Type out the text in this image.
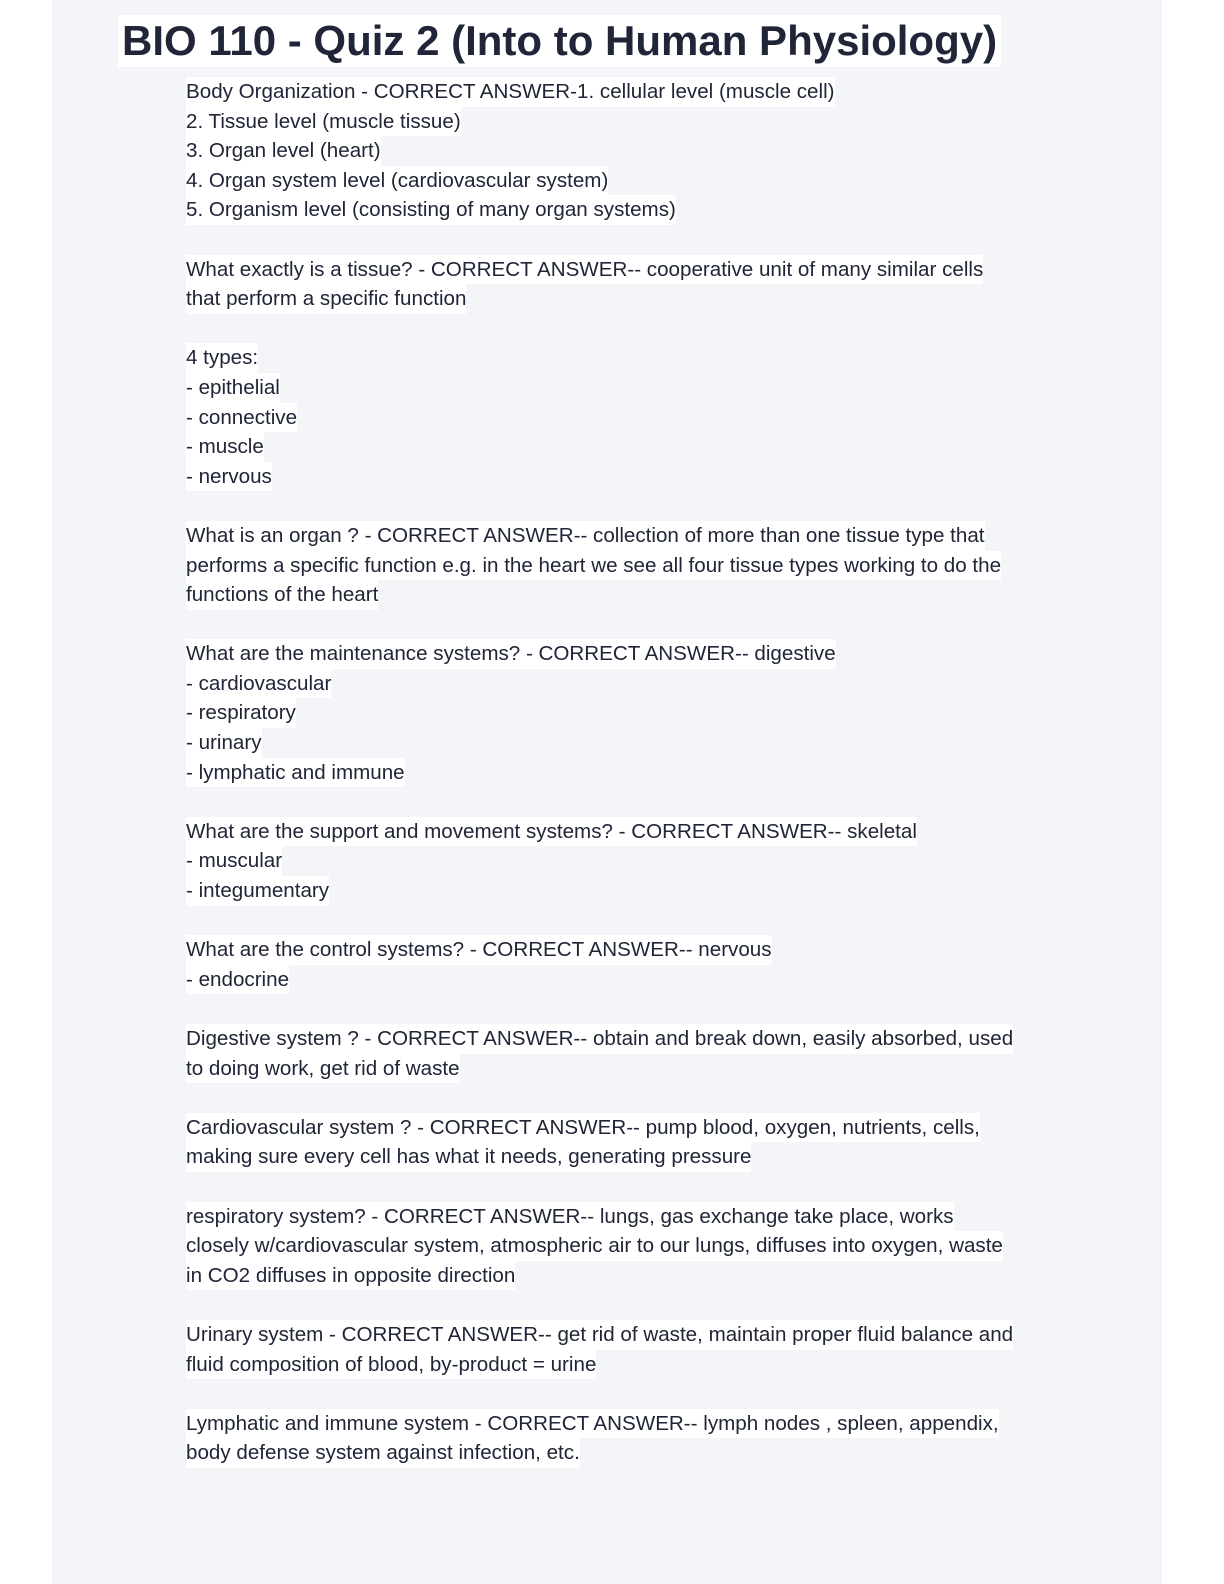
BIO 110 - Quiz 2 (Into to Human Physiology)
Body Organization - CORRECT ANSWER-1. cellular level (muscle cell)
2. Tissue level (muscle tissue)
3. Organ level (heart)
4. Organ system level (cardiovascular system)
5. Organism level (consisting of many organ systems)
What exactly is a tissue? - CORRECT ANSWER-- cooperative unit of many similar cells
that perform a specific function
4 types:
- epithelial
- connective
- muscle
- nervous
What is an organ ? - CORRECT ANSWER-- collection of more than one tissue type that
performs a specific function e.g. in the heart we see all four tissue types working to do the
functions of the heart
What are the maintenance systems? - CORRECT ANSWER-- digestive
- cardiovascular
- respiratory
- urinary
- lymphatic and immune
What are the support and movement systems? - CORRECT ANSWER-- skeletal
- muscular
- integumentary
What are the control systems? - CORRECT ANSWER-- nervous
- endocrine
Digestive system ? - CORRECT ANSWER-- obtain and break down, easily absorbed, used
to doing work, get rid of waste
Cardiovascular system ? - CORRECT ANSWER-- pump blood, oxygen, nutrients, cells,
making sure every cell has what it needs, generating pressure
respiratory system? - CORRECT ANSWER-- lungs, gas exchange take place, works
closely w/cardiovascular system, atmospheric air to our lungs, diffuses into oxygen, waste
in CO2 diffuses in opposite direction
Urinary system - CORRECT ANSWER-- get rid of waste, maintain proper fluid balance and
fluid composition of blood, by-product = urine
Lymphatic and immune system - CORRECT ANSWER-- lymph nodes , spleen, appendix,
body defense system against infection, etc.
